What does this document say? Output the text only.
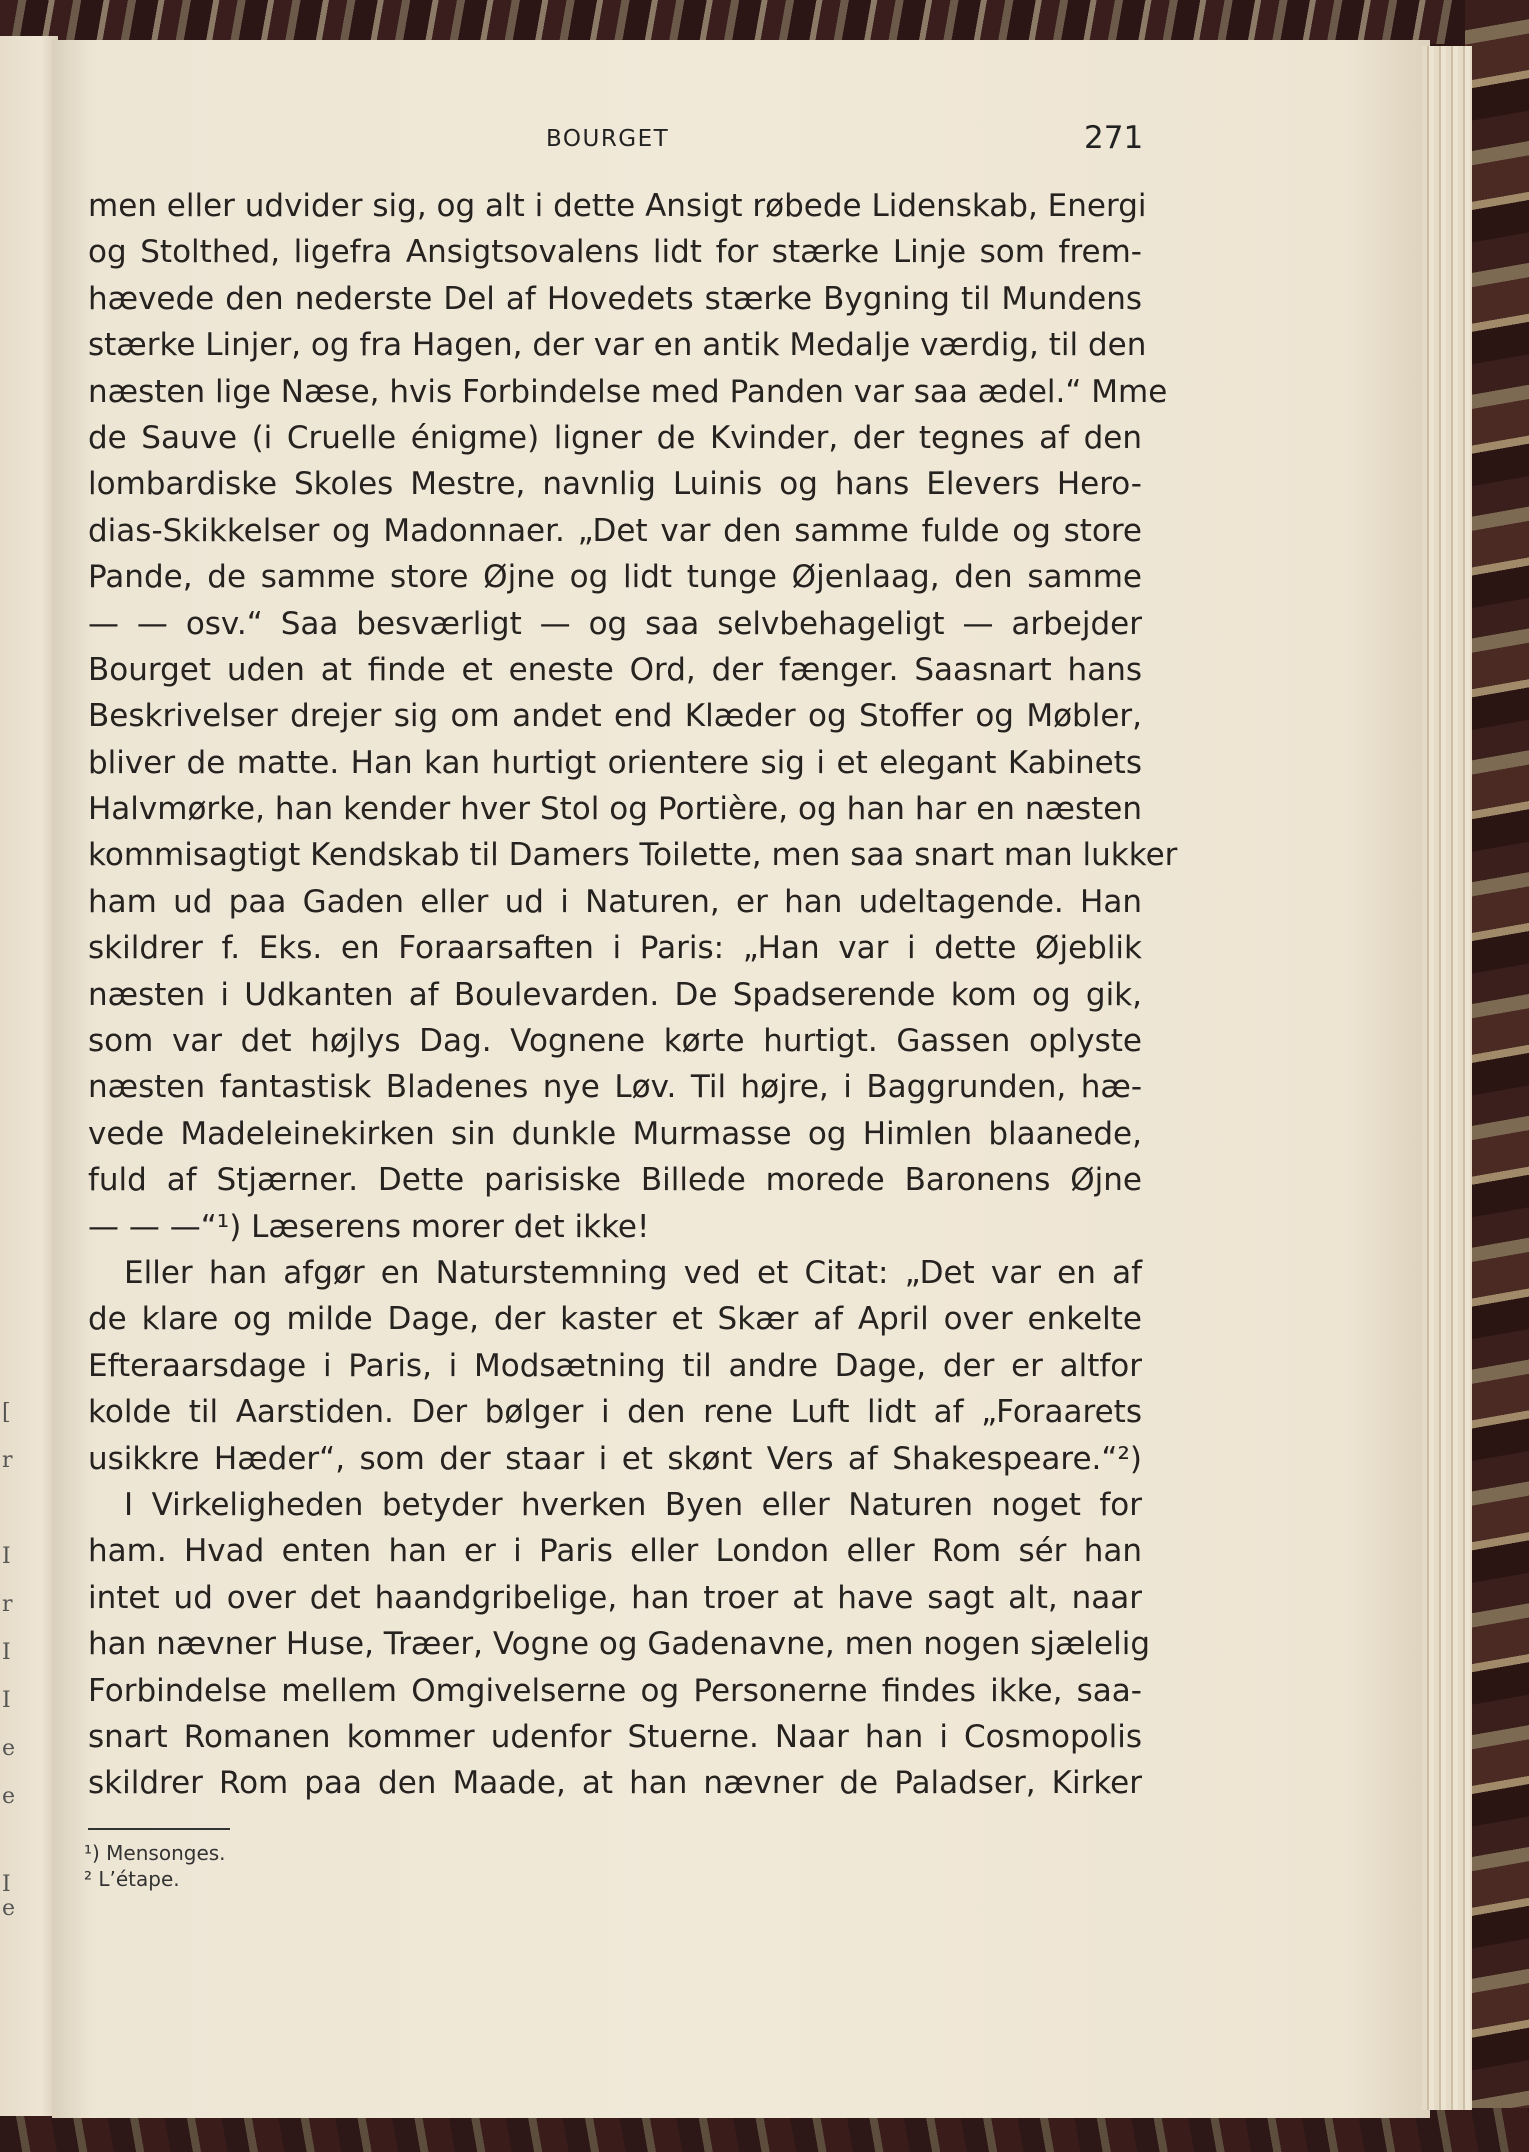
[
r
I
r
I
I
e
e
I
e
BOURGET	271
men eller udvider sig, og alt i dette Ansigt røbede Lidenskab, Energi
og Stolthed, ligefra Ansigtsovalens lidt for stærke Linje som frem-
hævede den nederste Del af Hovedets stærke Bygning til Mundens
stærke Linjer, og fra Hagen, der var en antik Medalje værdig, til den
næsten lige Næse, hvis Forbindelse med Panden var saa ædel.“ Mme
de Sauve (i Cruelle énigme) ligner de Kvinder, der tegnes af den
lombardiske Skoles Mestre, navnlig Luinis og hans Elevers Hero-
dias-Skikkelser og Madonnaer. „Det var den samme fulde og store
Pande, de samme store Øjne og lidt tunge Øjenlaag, den samme
— — osv.“ Saa besværligt — og saa selvbehageligt — arbejder
Bourget uden at finde et eneste Ord, der fænger. Saasnart hans
Beskrivelser drejer sig om andet end Klæder og Stoffer og Møbler,
bliver de matte. Han kan hurtigt orientere sig i et elegant Kabinets
Halvmørke, han kender hver Stol og Portière, og han har en næsten
kommisagtigt Kendskab til Damers Toilette, men saa snart man lukker
ham ud paa Gaden eller ud i Naturen, er han udeltagende. Han
skildrer f. Eks. en Foraarsaften i Paris: „Han var i dette Øjeblik
næsten i Udkanten af Boulevarden. De Spadserende kom og gik,
som var det højlys Dag. Vognene kørte hurtigt. Gassen oplyste
næsten fantastisk Bladenes nye Løv. Til højre, i Baggrunden, hæ-
vede Madeleinekirken sin dunkle Murmasse og Himlen blaanede,
fuld af Stjærner. Dette parisiske Billede morede Baronens Øjne
— — —“¹) Læserens morer det ikke!
Eller han afgør en Naturstemning ved et Citat: „Det var en af
de klare og milde Dage, der kaster et Skær af April over enkelte
Efteraarsdage i Paris, i Modsætning til andre Dage, der er altfor
kolde til Aarstiden. Der bølger i den rene Luft lidt af „Foraarets
usikkre Hæder“, som der staar i et skønt Vers af Shakespeare.“²)
I Virkeligheden betyder hverken Byen eller Naturen noget for
ham. Hvad enten han er i Paris eller London eller Rom sér han
intet ud over det haandgribelige, han troer at have sagt alt, naar
han nævner Huse, Træer, Vogne og Gadenavne, men nogen sjælelig
Forbindelse mellem Omgivelserne og Personerne findes ikke, saa-
snart Romanen kommer udenfor Stuerne. Naar han i Cosmopolis
skildrer Rom paa den Maade, at han nævner de Paladser, Kirker
¹) Mensonges.
² L’étape.
